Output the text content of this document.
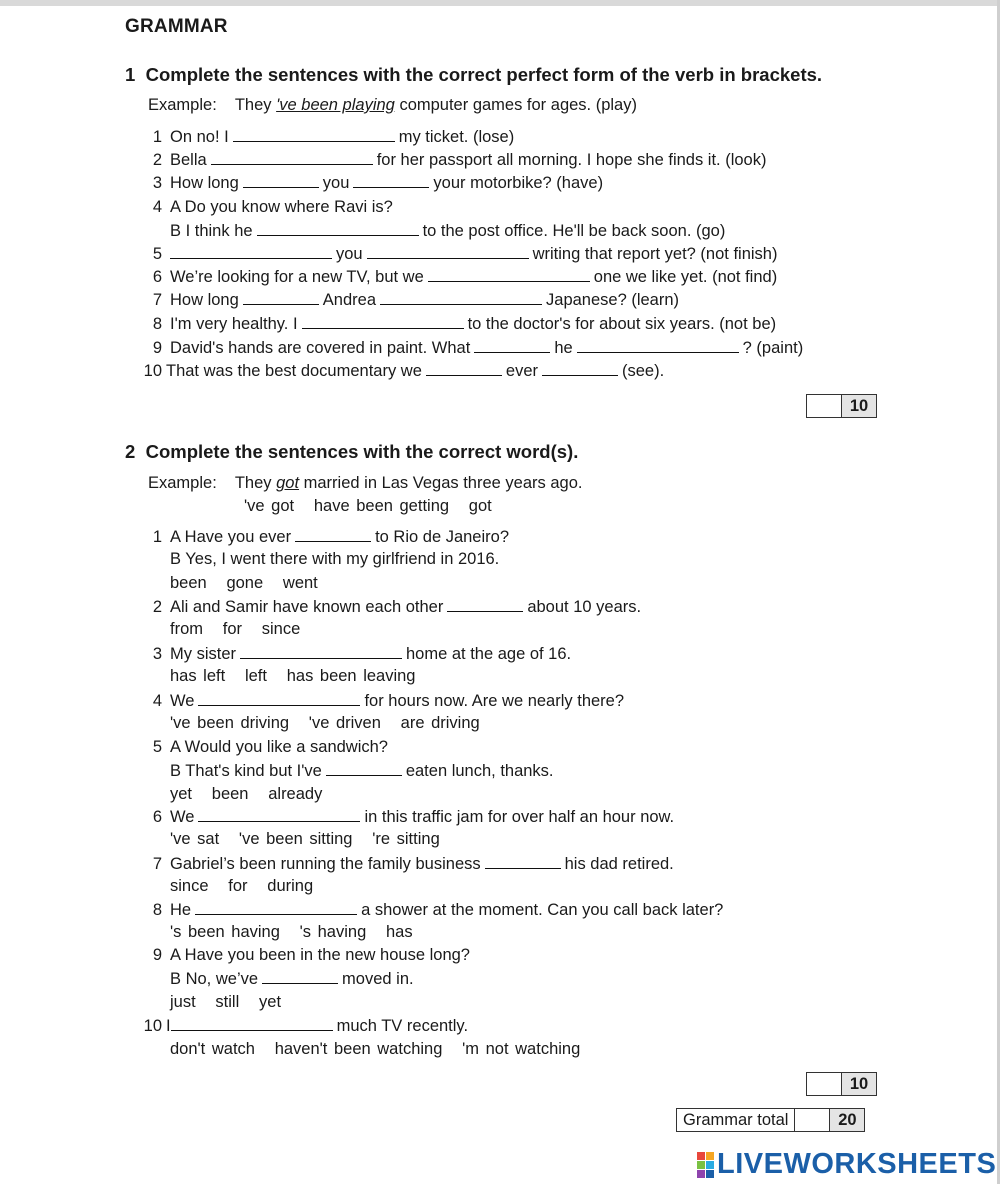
GRAMMAR
1 Complete the sentences with the correct perfect form of the verb in brackets.
Example: They 've been playing computer games for ages. (play)
1 On no! I	my ticket. (lose)
2 Bella	for her passport all morning. I hope she finds it. (look)
3 How long	you	your motorbike? (have)
4 A Do you know where Ravi is?
B I think he	to the post office. He'll be back soon. (go)
5	you	writing that report yet? (not finish)
6 We’re looking for a new TV, but we	one we like yet. (not find)
7 How long	Andrea	Japanese? (learn)
8 I'm very healthy. I	to the doctor's for about six years. (not be)
9 David's hands are covered in paint. What	he	? (paint)
10 That was the best documentary we	ever	(see).
10
2 Complete the sentences with the correct word(s).
Example: They got married in Las Vegas three years ago.
've got   have been getting   got
1 A Have you ever	to Rio de Janeiro?
B Yes, I went there with my girlfriend in 2016.
been   gone   went
2 Ali and Samir have known each other	about 10 years.
from   for   since
3 My sister	home at the age of 16.
has left   left   has been leaving
4 We	for hours now. Are we nearly there?
've been driving   've driven   are driving
5 A Would you like a sandwich?
B That's kind but I've	eaten lunch, thanks.
yet   been   already
6 We	in this traffic jam for over half an hour now.
've sat   've been sitting   're sitting
7 Gabriel’s been running the family business	his dad retired.
since   for   during
8 He	a shower at the moment. Can you call back later?
's been having   's having   has
9 A Have you been in the new house long?
B No, we’ve	moved in.
just   still   yet
10 I	much TV recently.
don't watch   haven't been watching   'm not watching
10
Grammar total	20
LIVEWORKSHEETS
